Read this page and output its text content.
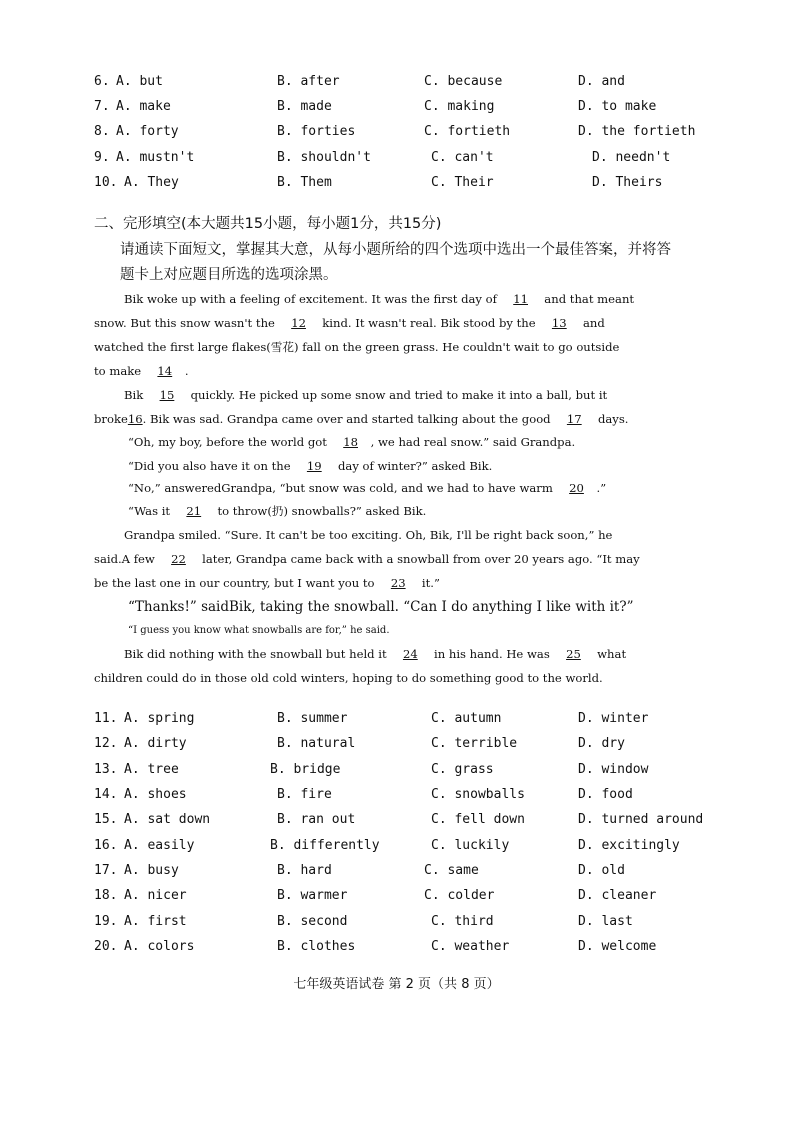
6. A. but	B. after	C. because	D. and
7. A. make	B. made	C. making	D. to make
8. A. forty	B. forties	C. fortieth	D. the fortieth
9. A. mustn't	B. shouldn't	C. can't	D. needn't
10. A. They	B. Them	C. Their	D. Theirs
二、完形填空(本大题共15小题，每小题1分，共15分)
请通读下面短文，掌握其大意，从每小题所给的四个选项中选出一个最佳答案，并将答
题卡上对应题目所选的选项涂黑。
Bik woke up with a feeling of excitement. It was the first day of 11 and that meant
snow. But this snow wasn't the 12 kind. It wasn't real. Bik stood by the 13 and
watched the first large flakes(雪花) fall on the green grass. He couldn't wait to go outside
to make 14 .
Bik 15 quickly. He picked up some snow and tried to make it into a ball, but it
broke16. Bik was sad. Grandpa came over and started talking about the good 17 days.
“Oh, my boy, before the world got 18 , we had real snow.” said Grandpa.
“Did you also have it on the 19 day of winter?” asked Bik.
“No,” answeredGrandpa, “but snow was cold, and we had to have warm 20 .”
“Was it 21 to throw(扔) snowballs?” asked Bik.
Grandpa smiled. “Sure. It can't be too exciting. Oh, Bik, I'll be right back soon,” he
said.A few 22 later, Grandpa came back with a snowball from over 20 years ago. “It may
be the last one in our country, but I want you to 23 it.”
“Thanks!” saidBik, taking the snowball. “Can I do anything I like with it?”
“I guess you know what snowballs are for,” he said.
Bik did nothing with the snowball but held it 24 in his hand. He was 25 what
children could do in those old cold winters, hoping to do something good to the world.
11. A. spring	B. summer	C. autumn	D. winter
12. A. dirty	B. natural	C. terrible	D. dry
13. A. tree	B. bridge	C. grass	D. window
14. A. shoes	B. fire	C. snowballs	D. food
15. A. sat down	B. ran out	C. fell down	D. turned around
16. A. easily	B. differently	C. luckily	D. excitingly
17. A. busy	B. hard	C. same	D. old
18. A. nicer	B. warmer	C. colder	D. cleaner
19. A. first	B. second	C. third	D. last
20. A. colors	B. clothes	C. weather	D. welcome
七年级英语试卷 第 2 页（共 8 页）
